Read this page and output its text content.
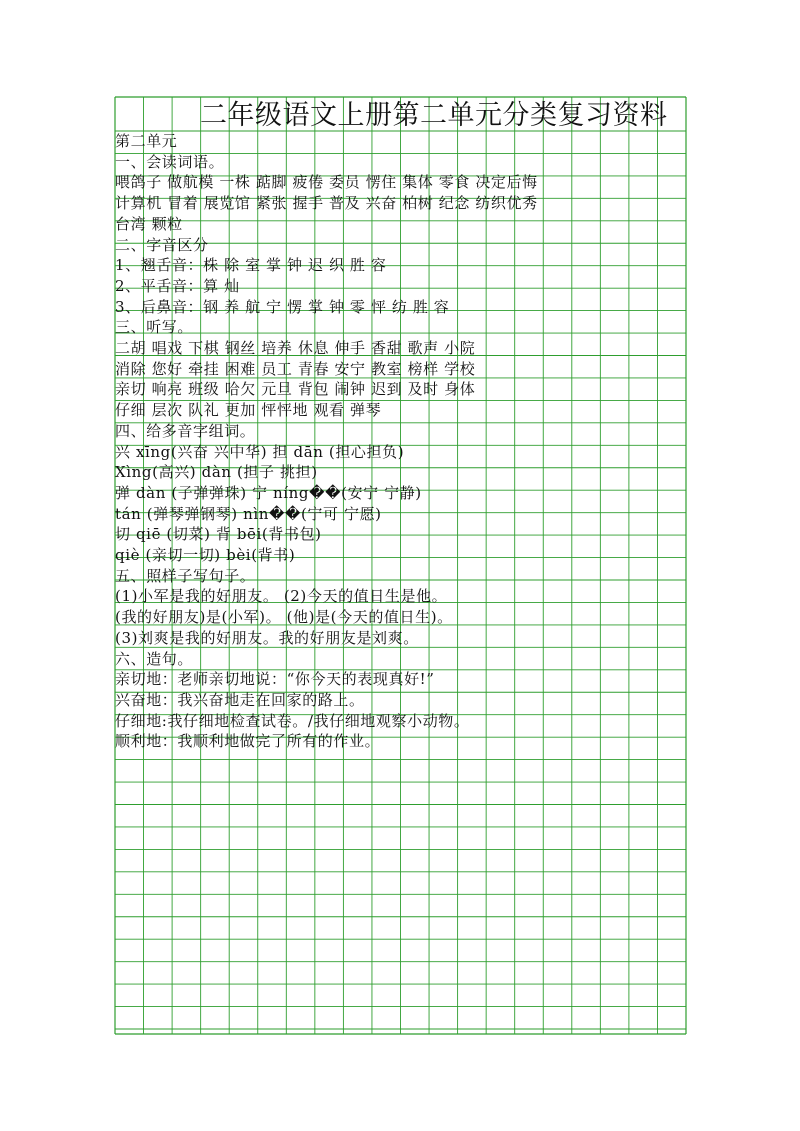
二年级语文上册第二单元分类复习资料
第二单元
一、会读词语。
喂鸽子 做航模 一株 踮脚 疲倦 委员 愣住 集体 零食 决定后悔
计算机 冒着 展览馆 紧张 握手 普及 兴奋 柏树 纪念 纺织优秀
台湾 颗粒
二、字音区分
1、翘舌音：株 除 室 掌 钟 迟 织 胜 容
2、平舌音：算 灿
3、后鼻音：钢 养 航 宁 愣 掌 钟 零 怦 纺 胜 容
三、听写。
二胡 唱戏 下棋 钢丝 培养 休息 伸手 香甜 歌声 小院
消除 您好 牵挂 困难 员工 青春 安宁 教室 榜样 学校
亲切 响亮 班级 哈欠 元旦 背包 闹钟 迟到 及时 身体
仔细 层次 队礼 更加 怦怦地 观看 弹琴
四、给多音字组词。
兴 xīng(兴奋 兴中华) 担 dān (担心担负)
Xìng(高兴) dàn (担子 挑担)
弹 dàn (子弹弹珠) 宁 níng��(安宁 宁静)
tán (弹琴弹钢琴) nìn��(宁可 宁愿)
切 qiē (切菜) 背 bēi(背书包)
qiè (亲切一切) bèi(背书)
五、照样子写句子。
(1)小军是我的好朋友。 (2)今天的值日生是他。
(我的好朋友)是(小军)。 (他)是(今天的值日生)。
(3)刘爽是我的好朋友。我的好朋友是刘爽。
六、造句。
亲切地：老师亲切地说：“你今天的表现真好!”
兴奋地：我兴奋地走在回家的路上。
仔细地:我仔细地检查试卷。/我仔细地观察小动物。
顺利地：我顺利地做完了所有的作业。
